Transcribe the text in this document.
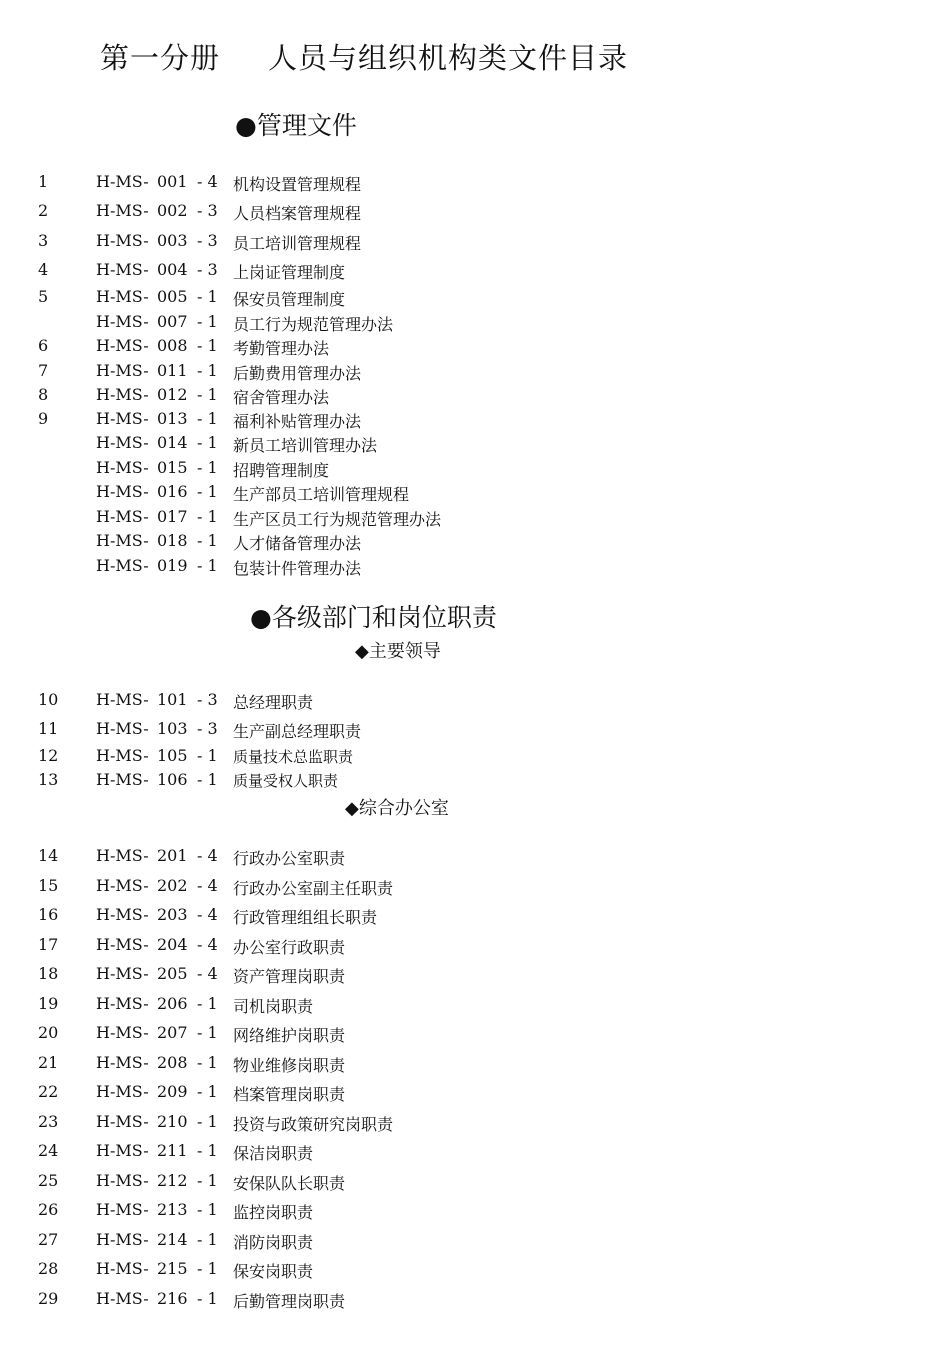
第一分册 人员与组织机构类文件目录
●管理文件
●各级部门和岗位职责
◆主要领导
◆综合办公室
1	H-MS- 001 - 4 机构设置管理规程
2	H-MS- 002 - 3 人员档案管理规程
3	H-MS- 003 - 3 员工培训管理规程
4	H-MS- 004 - 3 上岗证管理制度
5	H-MS- 005 - 1 保安员管理制度
H-MS- 007 - 1 员工行为规范管理办法
6	H-MS- 008 - 1 考勤管理办法
7	H-MS- 011 - 1 后勤费用管理办法
8	H-MS- 012 - 1 宿舍管理办法
9	H-MS- 013 - 1 福利补贴管理办法
H-MS- 014 - 1 新员工培训管理办法
H-MS- 015 - 1 招聘管理制度
H-MS- 016 - 1 生产部员工培训管理规程
H-MS- 017 - 1 生产区员工行为规范管理办法
H-MS- 018 - 1 人才储备管理办法
H-MS- 019 - 1 包装计件管理办法
10 H-MS- 101 - 3 总经理职责
11 H-MS- 103 - 3 生产副总经理职责
12 H-MS- 105 - 1 质量技术总监职责
13 H-MS- 106 - 1 质量受权人职责
14 H-MS- 201 - 4 行政办公室职责
15 H-MS- 202 - 4 行政办公室副主任职责
16 H-MS- 203 - 4 行政管理组组长职责
17 H-MS- 204 - 4 办公室行政职责
18 H-MS- 205 - 4 资产管理岗职责
19 H-MS- 206 - 1 司机岗职责
20 H-MS- 207 - 1 网络维护岗职责
21 H-MS- 208 - 1 物业维修岗职责
22 H-MS- 209 - 1 档案管理岗职责
23 H-MS- 210 - 1 投资与政策研究岗职责
24 H-MS- 211 - 1 保洁岗职责
25 H-MS- 212 - 1 安保队队长职责
26 H-MS- 213 - 1 监控岗职责
27 H-MS- 214 - 1 消防岗职责
28 H-MS- 215 - 1 保安岗职责
29 H-MS- 216 - 1 后勤管理岗职责
